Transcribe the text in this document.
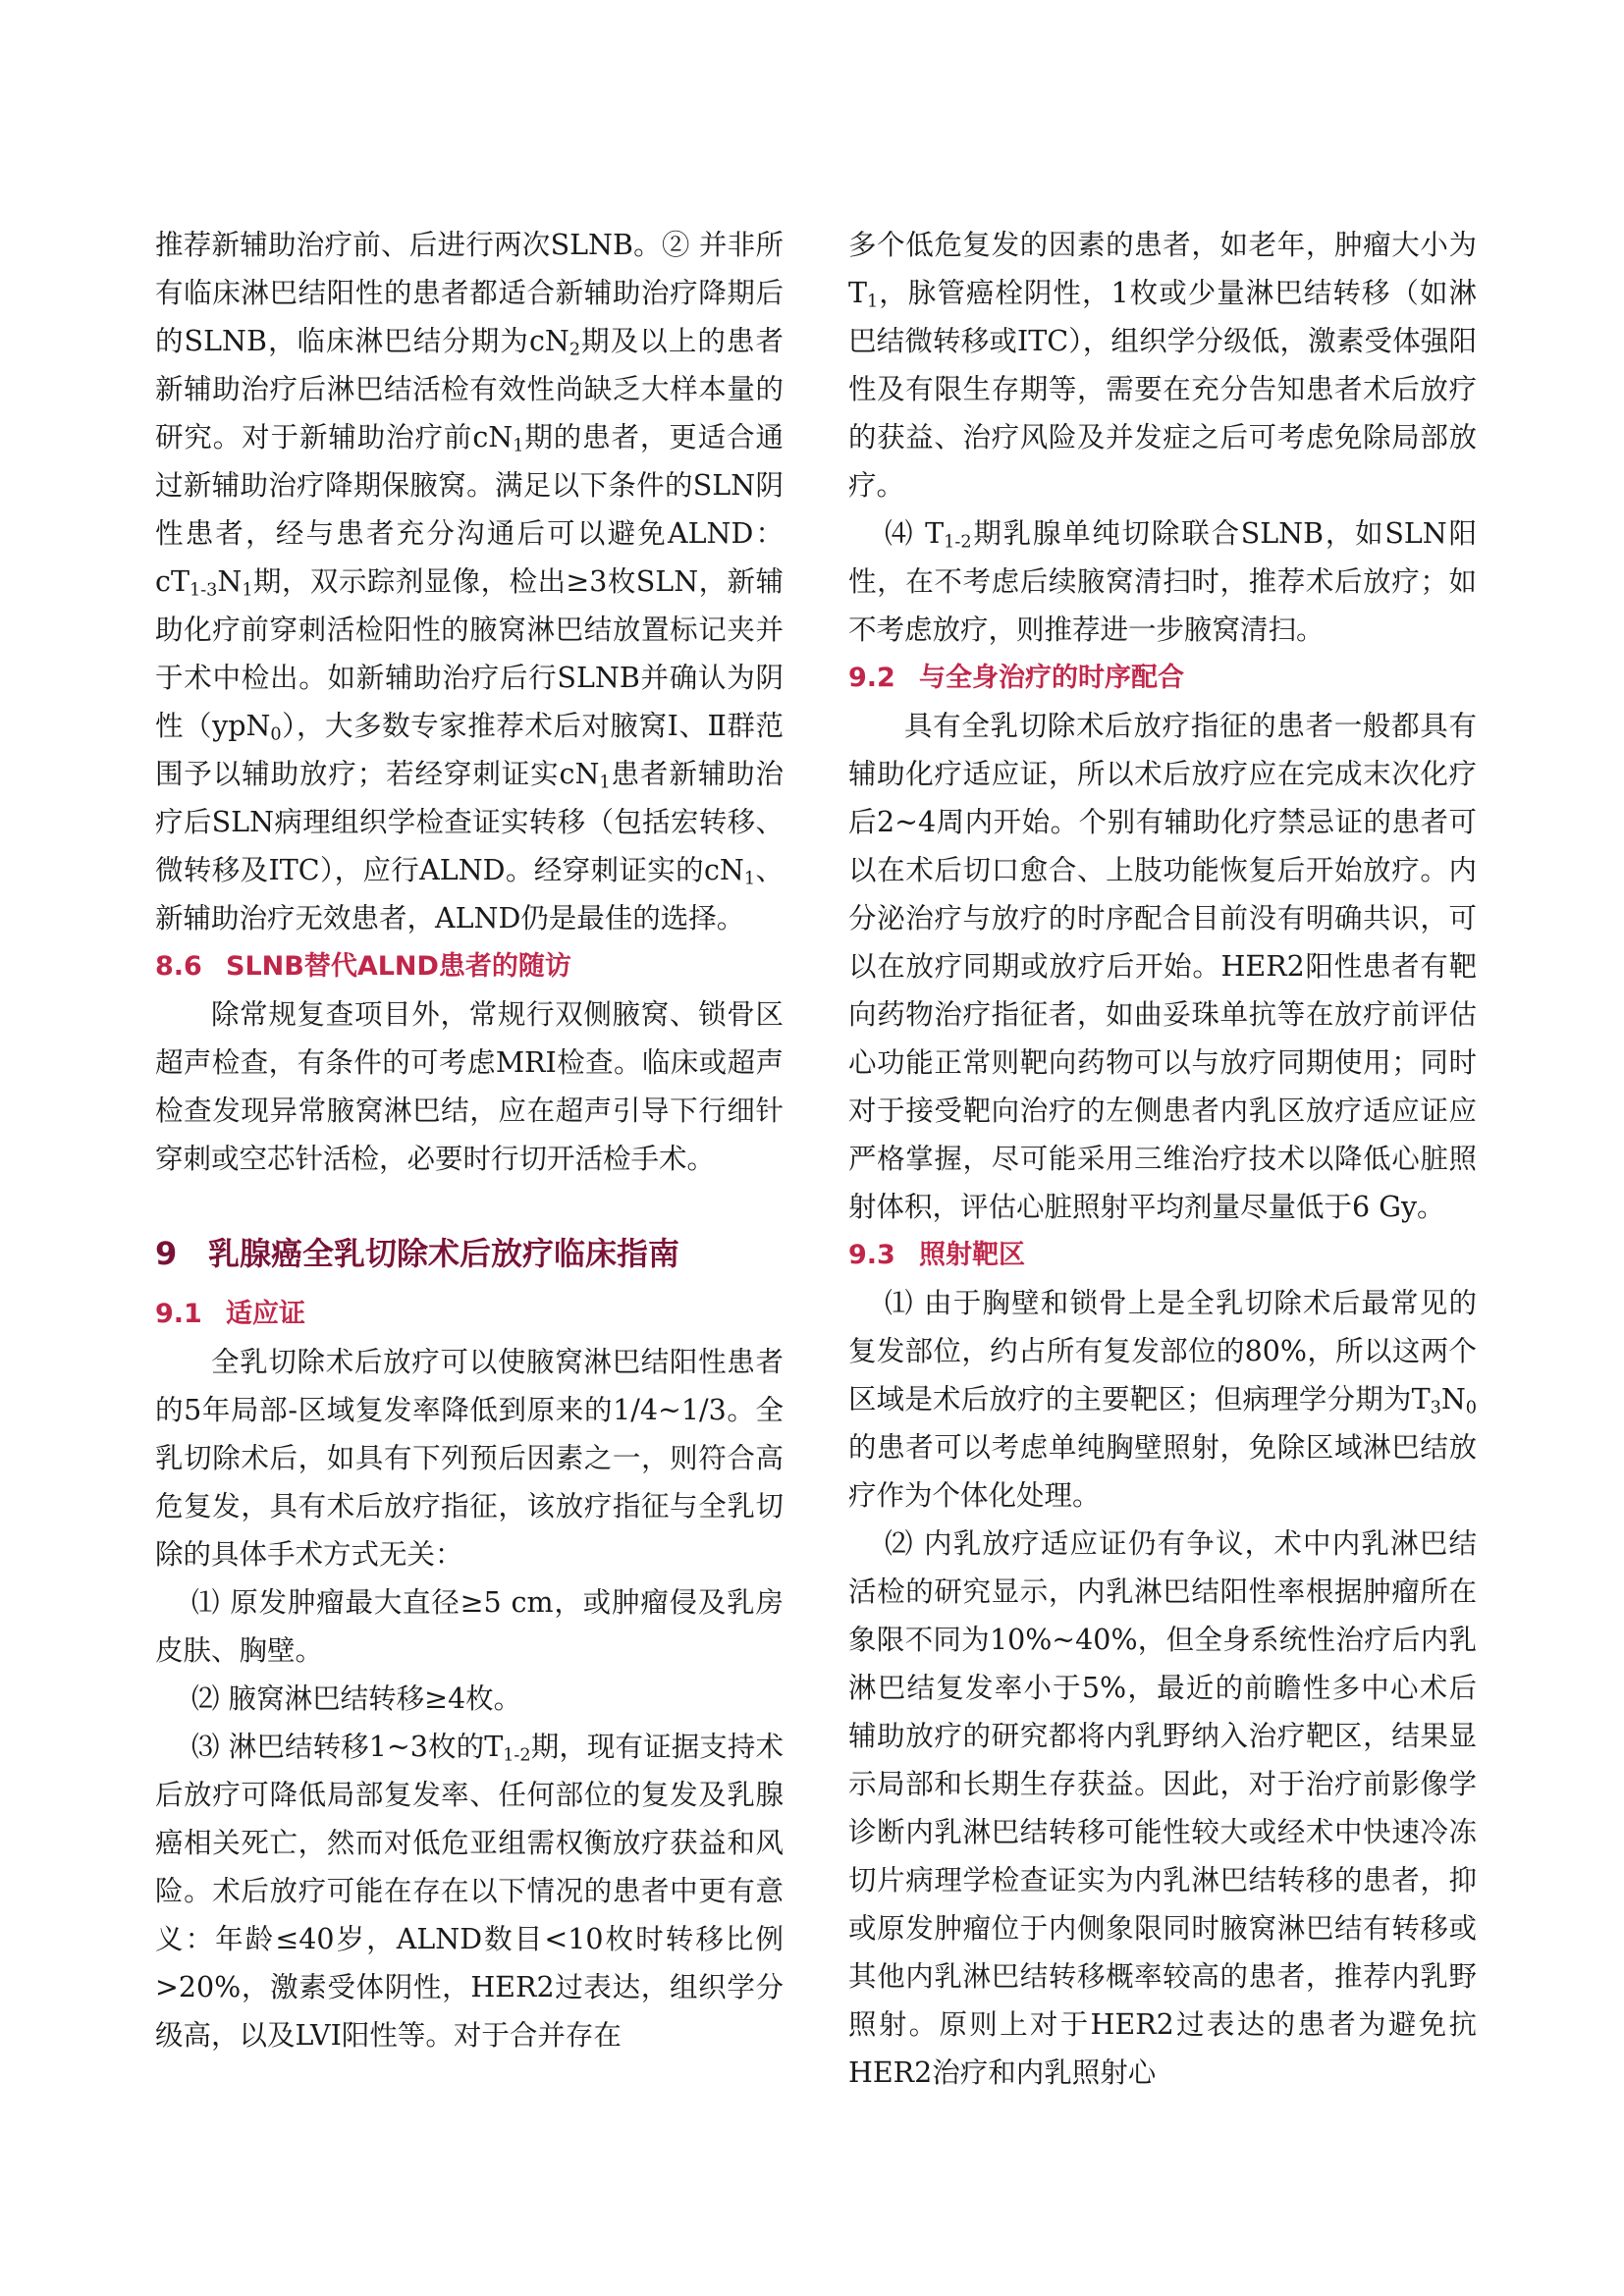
推荐新辅助治疗前、后进行两次SLNB。② 并非所有临床淋巴结阳性的患者都适合新辅助治疗降期后的SLNB，临床淋巴结分期为$cN_2$期及以上的患者新辅助治疗后淋巴结活检有效性尚缺乏大样本量的研究。对于新辅助治疗前$cN_1$期的患者，更适合通过新辅助治疗降期保腋窝。满足以下条件的SLN阴性患者，经与患者充分沟通后可以避免ALND：$cT_{1-3}N_1$期，双示踪剂显像，检出≥3枚SLN，新辅助化疗前穿刺活检阳性的腋窝淋巴结放置标记夹并于术中检出。如新辅助治疗后行SLNB并确认为阴性（ypN$_0$），大多数专家推荐术后对腋窝Ⅰ、Ⅱ群范围予以辅助放疗；若经穿刺证实$cN_1$患者新辅助治疗后SLN病理组织学检查证实转移（包括宏转移、微转移及ITC），应行ALND。经穿刺证实的$cN_1$、新辅助治疗无效患者，ALND仍是最佳的选择。

8.6 SLNB替代ALND患者的随访

除常规复查项目外，常规行双侧腋窝、锁骨区超声检查，有条件的可考虑MRI检查。临床或超声检查发现异常腋窝淋巴结，应在超声引导下行细针穿刺或空芯针活检，必要时行切开活检手术。

9 乳腺癌全乳切除术后放疗临床指南
9.1 适应证

全乳切除术后放疗可以使腋窝淋巴结阳性患者的5年局部-区域复发率降低到原来的1/4~1/3。全乳切除术后，如具有下列预后因素之一，则符合高危复发，具有术后放疗指征，该放疗指征与全乳切除的具体手术方式无关：

⑴ 原发肿瘤最大直径≥5 cm，或肿瘤侵及乳房皮肤、胸壁。

⑵ 腋窝淋巴结转移≥4枚。

⑶ 淋巴结转移1~3枚的$T_{1-2}$期，现有证据支持术后放疗可降低局部复发率、任何部位的复发及乳腺癌相关死亡，然而对低危亚组需权衡放疗获益和风险。术后放疗可能在存在以下情况的患者中更有意义：年龄≤40岁，ALND数目<10枚时转移比例>20%，激素受体阴性，HER2过表达，组织学分级高，以及LVI阳性等。对于合并存在

多个低危复发的因素的患者，如老年，肿瘤大小为$T_1$，脉管癌栓阴性，1枚或少量淋巴结转移（如淋巴结微转移或ITC），组织学分级低，激素受体强阳性及有限生存期等，需要在充分告知患者术后放疗的获益、治疗风险及并发症之后可考虑免除局部放疗。

⑷ $T_{1-2}$期乳腺单纯切除联合SLNB，如SLN阳性，在不考虑后续腋窝清扫时，推荐术后放疗；如不考虑放疗，则推荐进一步腋窝清扫。

9.2 与全身治疗的时序配合

具有全乳切除术后放疗指征的患者一般都具有辅助化疗适应证，所以术后放疗应在完成末次化疗后2~4周内开始。个别有辅助化疗禁忌证的患者可以在术后切口愈合、上肢功能恢复后开始放疗。内分泌治疗与放疗的时序配合目前没有明确共识，可以在放疗同期或放疗后开始。HER2阳性患者有靶向药物治疗指征者，如曲妥珠单抗等在放疗前评估心功能正常则靶向药物可以与放疗同期使用；同时对于接受靶向治疗的左侧患者内乳区放疗适应证应严格掌握，尽可能采用三维治疗技术以降低心脏照射体积，评估心脏照射平均剂量尽量低于6 Gy。

9.3 照射靶区

⑴ 由于胸壁和锁骨上是全乳切除术后最常见的复发部位，约占所有复发部位的80%，所以这两个区域是术后放疗的主要靶区；但病理学分期为$T_3N_0$的患者可以考虑单纯胸壁照射，免除区域淋巴结放疗作为个体化处理。

⑵ 内乳放疗适应证仍有争议，术中内乳淋巴结活检的研究显示，内乳淋巴结阳性率根据肿瘤所在象限不同为10%~40%，但全身系统性治疗后内乳淋巴结复发率小于5%，最近的前瞻性多中心术后辅助放疗的研究都将内乳野纳入治疗靶区，结果显示局部和长期生存获益。因此，对于治疗前影像学诊断内乳淋巴结转移可能性较大或经术中快速冷冻切片病理学检查证实为内乳淋巴结转移的患者，抑或原发肿瘤位于内侧象限同时腋窝淋巴结有转移或其他内乳淋巴结转移概率较高的患者，推荐内乳野照射。原则上对于HER2过表达的患者为避免抗HER2治疗和内乳照射心
